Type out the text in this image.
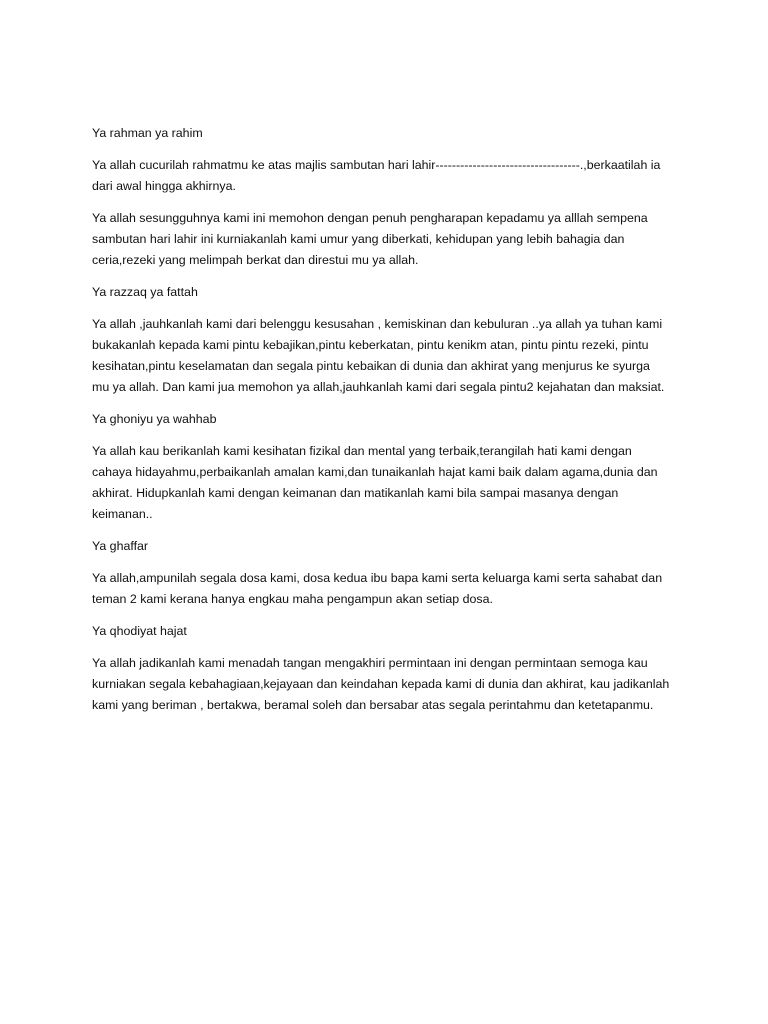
Ya rahman ya rahim

Ya allah cucurilah rahmatmu ke atas majlis sambutan hari lahir-----------------------------------.,berkaatilah ia
dari awal hingga akhirnya.

Ya allah sesungguhnya kami ini memohon dengan penuh pengharapan kepadamu ya alllah sempena
sambutan hari lahir ini kurniakanlah kami umur yang diberkati, kehidupan yang lebih bahagia dan
ceria,rezeki yang melimpah berkat dan direstui mu ya allah.

Ya razzaq ya fattah

Ya allah ,jauhkanlah kami dari belenggu kesusahan , kemiskinan dan kebuluran ..ya allah ya tuhan kami
bukakanlah kepada kami pintu kebajikan,pintu keberkatan, pintu kenikm atan, pintu pintu rezeki, pintu
kesihatan,pintu keselamatan dan segala pintu kebaikan di dunia dan akhirat yang menjurus ke syurga
mu ya allah. Dan kami jua memohon ya allah,jauhkanlah kami dari segala pintu2 kejahatan dan maksiat.

Ya ghoniyu ya wahhab

Ya allah kau berikanlah kami kesihatan fizikal dan mental yang terbaik,terangilah hati kami dengan
cahaya hidayahmu,perbaikanlah amalan kami,dan tunaikanlah hajat kami baik dalam agama,dunia dan
akhirat. Hidupkanlah kami dengan keimanan dan matikanlah kami bila sampai masanya dengan
keimanan..

Ya ghaffar

Ya allah,ampunilah segala dosa kami, dosa kedua ibu bapa kami serta keluarga kami serta sahabat dan
teman 2 kami kerana hanya engkau maha pengampun akan setiap dosa.

Ya qhodiyat hajat

Ya allah jadikanlah kami menadah tangan mengakhiri permintaan ini dengan permintaan semoga kau
kurniakan segala kebahagiaan,kejayaan dan keindahan kepada kami di dunia dan akhirat, kau jadikanlah
kami yang beriman , bertakwa, beramal soleh dan bersabar atas segala perintahmu dan ketetapanmu.
